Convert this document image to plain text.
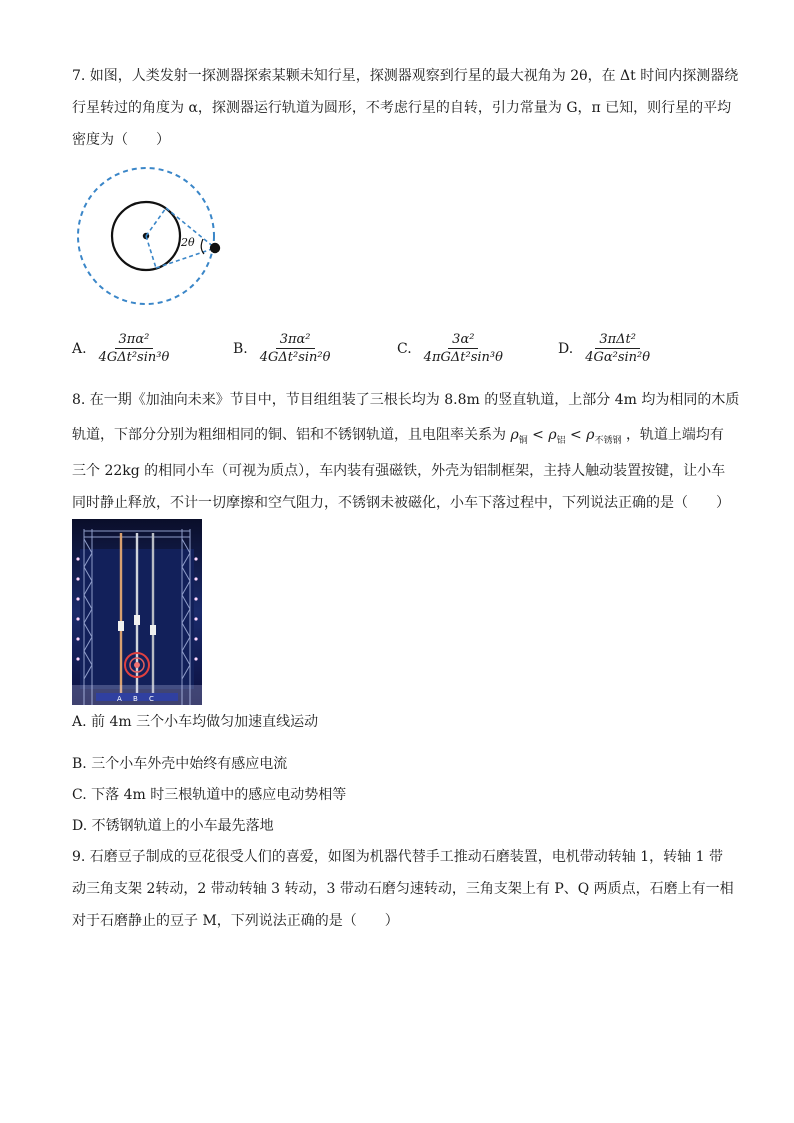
7. 如图，人类发射一探测器探索某颗未知行星，探测器观察到行星的最大视角为 2θ，在 Δt 时间内探测器绕
行星转过的角度为 α，探测器运行轨道为圆形，不考虑行星的自转，引力常量为 G，π 已知，则行星的平均
密度为（　　）
2θ
A. $\frac{\text{3πα²}}{\text{4GΔt²sin³θ}}$	B. $\frac{\text{3πα²}}{\text{4GΔt²sin²θ}}$	C. $\frac{\text{3α²}}{\text{4πGΔt²sin³θ}}$	D. $\frac{\text{3πΔt²}}{\text{4Gα²sin²θ}}$
8. 在一期《加油向未来》节目中，节目组组装了三根长均为 8.8m 的竖直轨道，上部分 4m 均为相同的木质
轨道，下部分分别为粗细相同的铜、铝和不锈钢轨道，且电阻率关系为 $\rho_铜 < \rho_铝 < \rho_{不锈钢}$ ，轨道上端均有
三个 22kg 的相同小车（可视为质点），车内装有强磁铁，外壳为铝制框架，主持人触动装置按键，让小车
同时静止释放，不计一切摩擦和空气阻力，不锈钢未被磁化，小车下落过程中，下列说法正确的是（　　）
A B C
A. 前 4m 三个小车均做匀加速直线运动
B. 三个小车外壳中始终有感应电流
C. 下落 4m 时三根轨道中的感应电动势相等
D. 不锈钢轨道上的小车最先落地
9. 石磨豆子制成的豆花很受人们的喜爱，如图为机器代替手工推动石磨装置，电机带动转轴 1，转轴 1 带
动三角支架 2转动，2 带动转轴 3 转动，3 带动石磨匀速转动，三角支架上有 P、Q 两质点，石磨上有一相
对于石磨静止的豆子 M，下列说法正确的是（　　）
